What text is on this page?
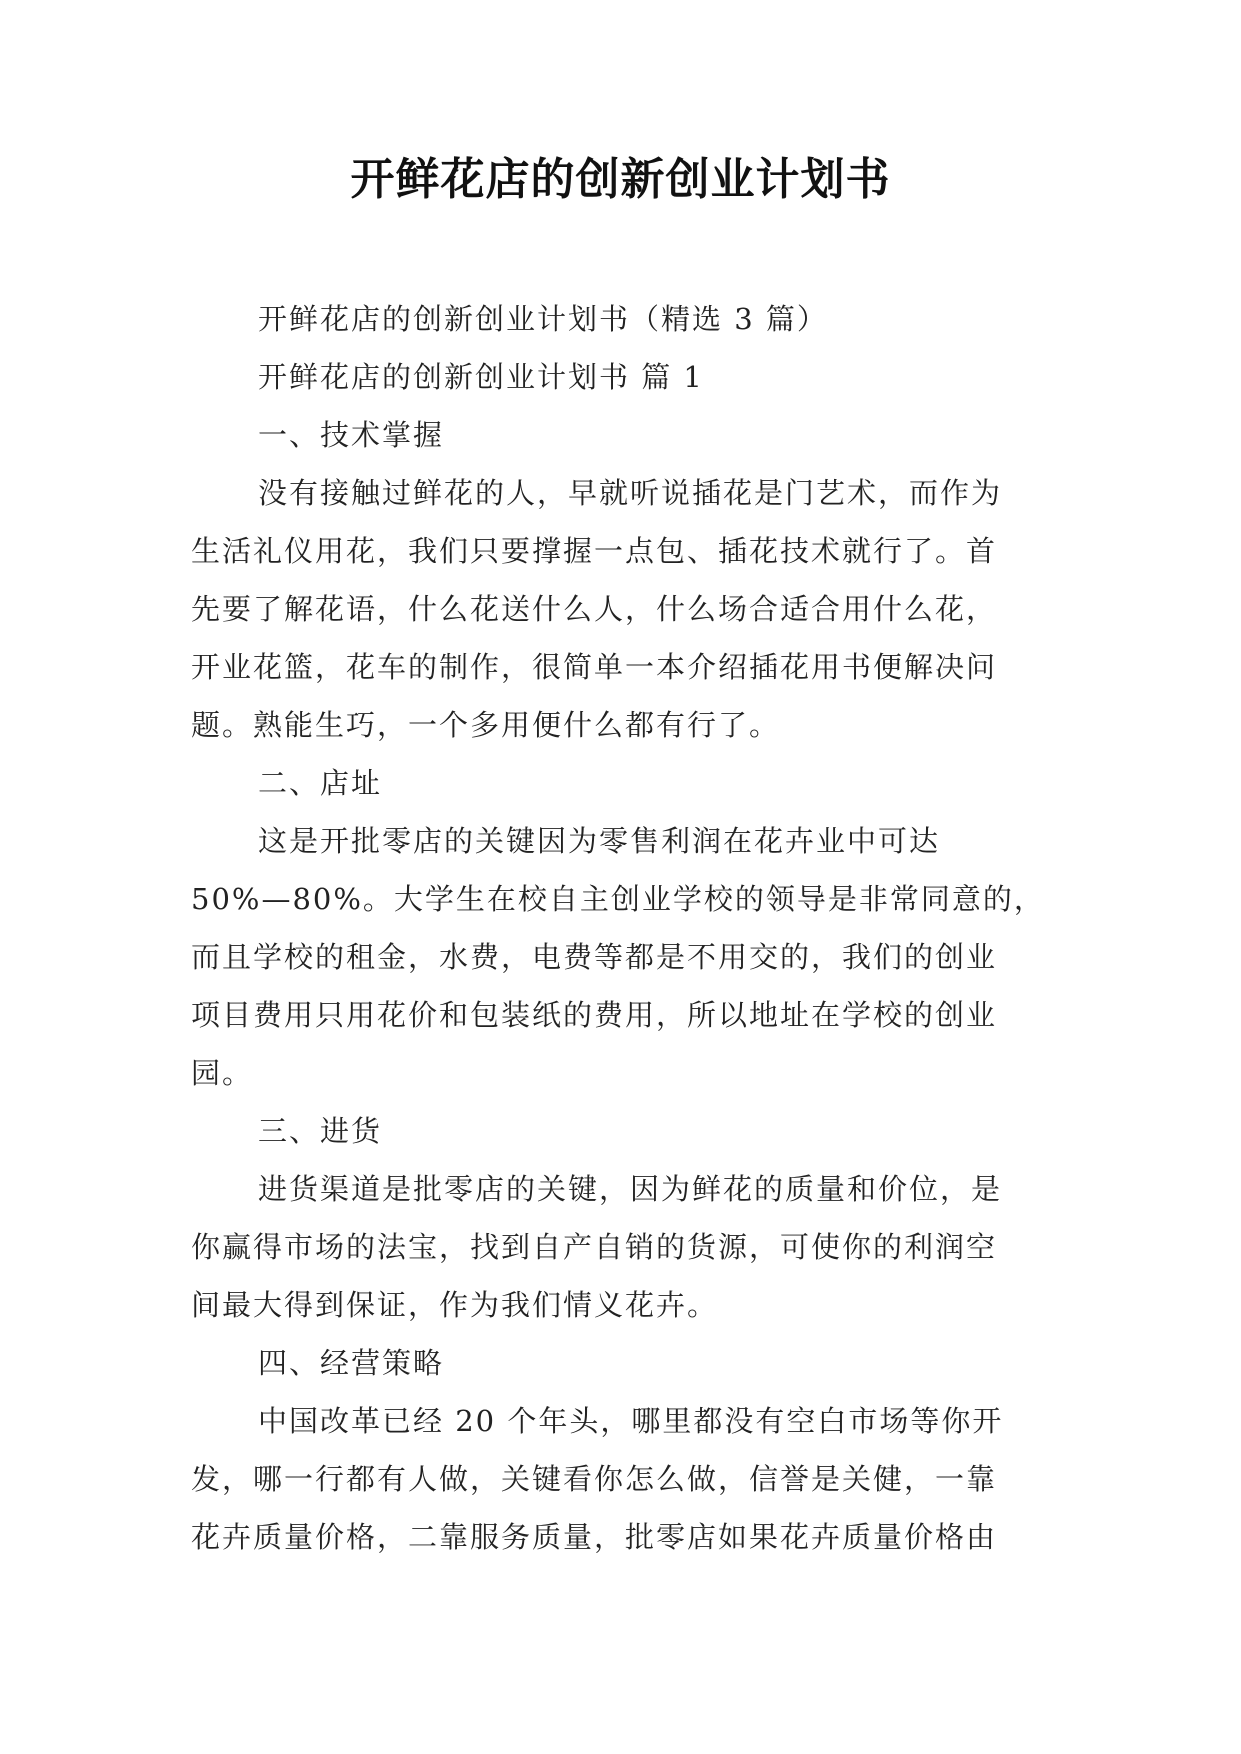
开鲜花店的创新创业计划书

开鲜花店的创新创业计划书（精选 3 篇）

开鲜花店的创新创业计划书 篇 1

一、技术掌握

没有接触过鲜花的人，早就听说插花是门艺术，而作为

生活礼仪用花，我们只要撑握一点包、插花技术就行了。首

先要了解花语，什么花送什么人，什么场合适合用什么花，

开业花篮，花车的制作，很简单一本介绍插花用书便解决问

题。熟能生巧，一个多用便什么都有行了。

二、店址

这是开批零店的关键因为零售利润在花卉业中可达

50%—80%。大学生在校自主创业学校的领导是非常同意的，

而且学校的租金，水费，电费等都是不用交的，我们的创业

项目费用只用花价和包装纸的费用，所以地址在学校的创业

园。

三、进货

进货渠道是批零店的关键，因为鲜花的质量和价位，是

你赢得市场的法宝，找到自产自销的货源，可使你的利润空

间最大得到保证，作为我们情义花卉。

四、经营策略

中国改革已经 20 个年头，哪里都没有空白市场等你开

发，哪一行都有人做，关键看你怎么做，信誉是关健，一靠

花卉质量价格，二靠服务质量，批零店如果花卉质量价格由
